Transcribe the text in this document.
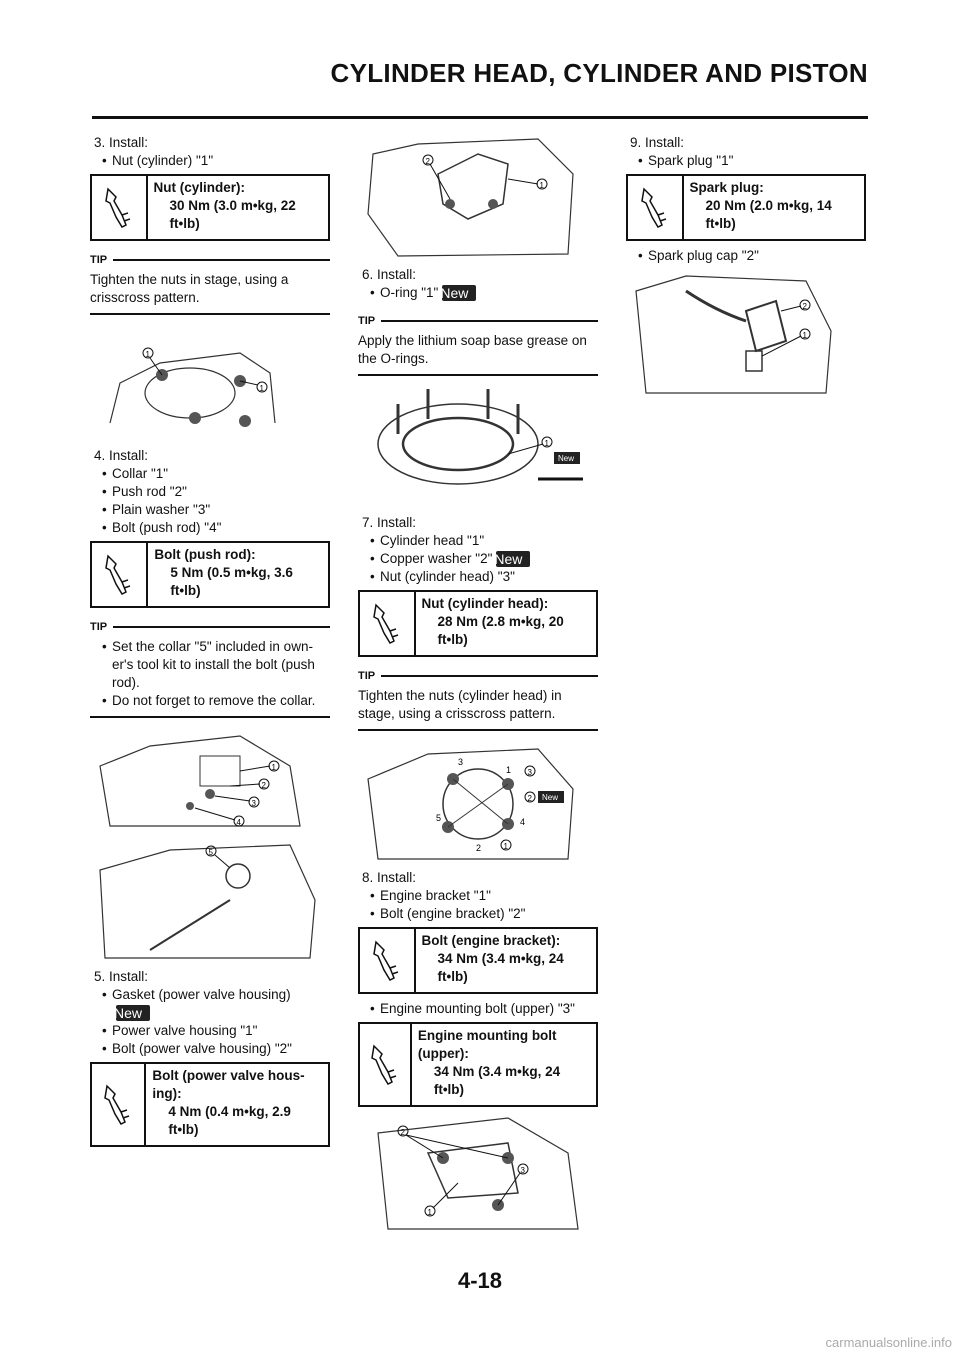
CYLINDER HEAD, CYLINDER AND PISTON
3. Install:
• Nut (cylinder) "1"
Nut (cylinder):
30 Nm (3.0 m•kg, 22 ft•lb)
TIP
Tighten the nuts in stage, using a crisscross pattern.
1
1
4. Install:
• Collar "1"
• Push rod "2"
• Plain washer "3"
• Bolt (push rod) "4"
Bolt (push rod):
5 Nm (0.5 m•kg, 3.6 ft•lb)
TIP
• Set the collar "5" included in own-er's tool kit to install the bolt (push rod).
• Do not forget to remove the collar.
1
2
3
4
5
5. Install:
• Gasket (power valve housing)
New
• Power valve housing "1"
• Bolt (power valve housing) "2"
Bolt (power valve hous-ing):
4 Nm (0.4 m•kg, 2.9 ft•lb)
1
2
6. Install:
• O-ring "1" New
TIP
Apply the lithium soap base grease on the O-rings.
1
New
7. Install:
• Cylinder head "1"
• Copper washer "2" New
• Nut (cylinder head) "3"
Nut (cylinder head):
28 Nm (2.8 m•kg, 20 ft•lb)
TIP
Tighten the nuts (cylinder head) in stage, using a crisscross pattern.
3
1
5	4
2
3
2 New
1
8. Install:
• Engine bracket "1"
• Bolt (engine bracket) "2"
Bolt (engine bracket):
34 Nm (3.4 m•kg, 24 ft•lb)
• Engine mounting bolt (upper) "3"
Engine mounting bolt (upper):
34 Nm (3.4 m•kg, 24 ft•lb)
2
1
3
9. Install:
• Spark plug "1"
Spark plug:
20 Nm (2.0 m•kg, 14 ft•lb)
• Spark plug cap "2"
2
1
4-18
carmanualsonline.info
